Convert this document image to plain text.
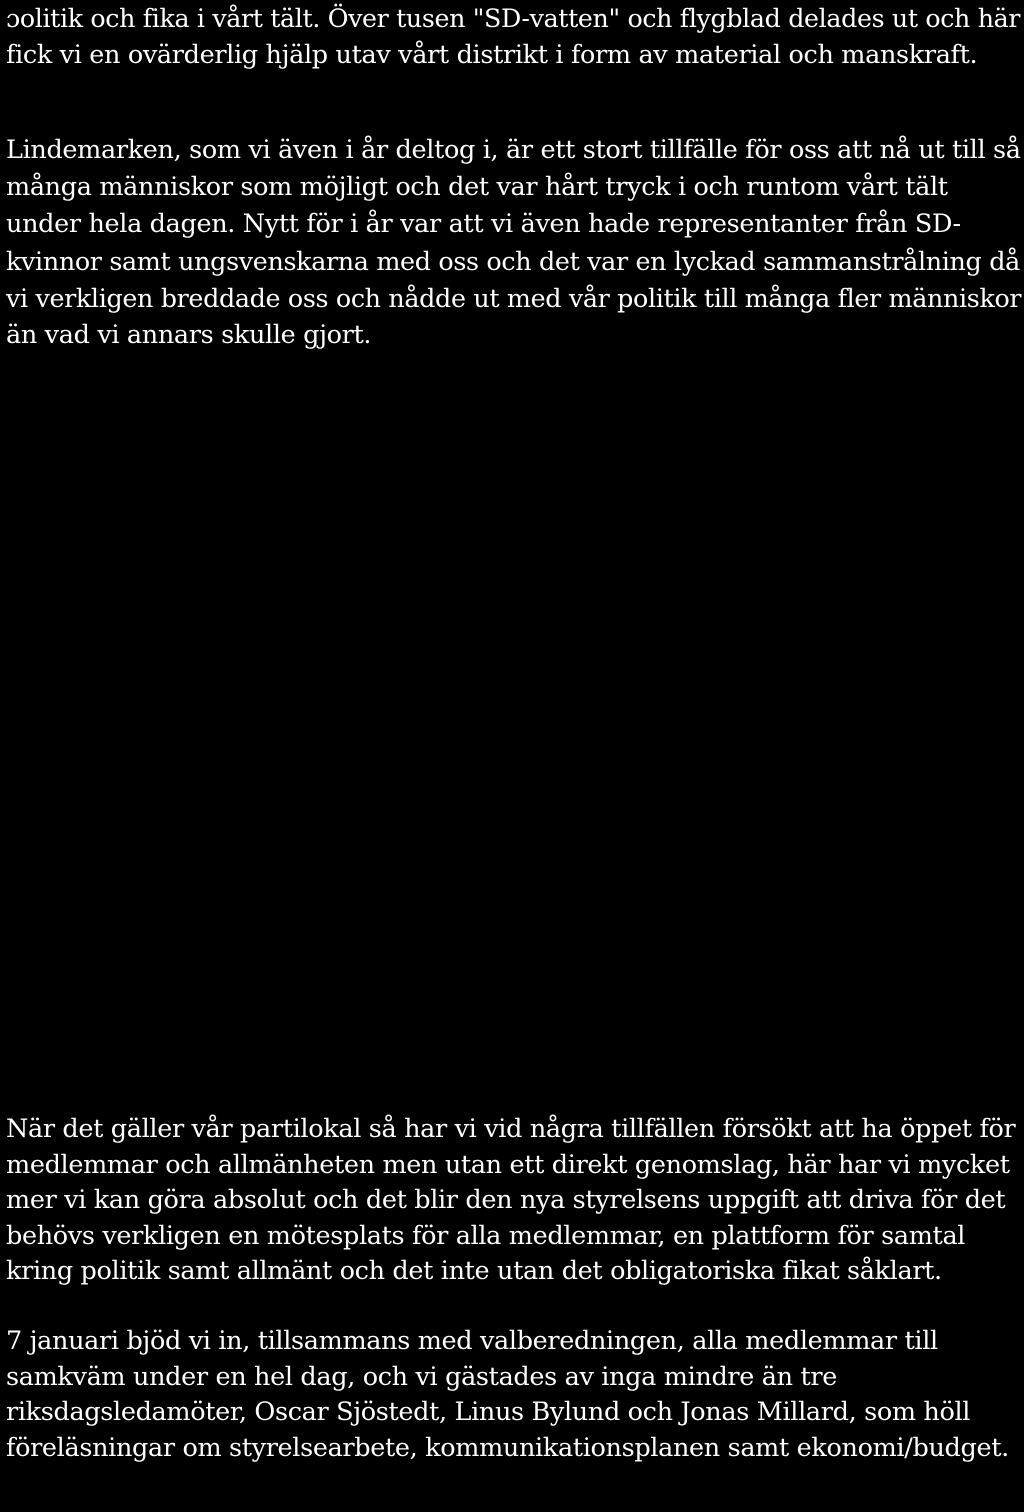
ɔolitik och fika i vårt tält. Över tusen "SD-vatten" och flygblad delades ut och här
fick vi en ovärderlig hjälp utav vårt distrikt i form av material och manskraft.

Lindemarken, som vi även i år deltog i, är ett stort tillfälle för oss att nå ut till så
många människor som möjligt och det var hårt tryck i och runtom vårt tält
under hela dagen. Nytt för i år var att vi även hade representanter från SD-
kvinnor samt ungsvenskarna med oss och det var en lyckad sammanstrålning då
vi verkligen breddade oss och nådde ut med vår politik till många fler människor
än vad vi annars skulle gjort.

När det gäller vår partilokal så har vi vid några tillfällen försökt att ha öppet för
medlemmar och allmänheten men utan ett direkt genomslag, här har vi mycket
mer vi kan göra absolut och det blir den nya styrelsens uppgift att driva för det
behövs verkligen en mötesplats för alla medlemmar, en plattform för samtal
kring politik samt allmänt och det inte utan det obligatoriska fikat såklart.

7 januari bjöd vi in, tillsammans med valberedningen, alla medlemmar till
samkväm under en hel dag, och vi gästades av inga mindre än tre
riksdagsledamöter, Oscar Sjöstedt, Linus Bylund och Jonas Millard, som höll
föreläsningar om styrelsearbete, kommunikationsplanen samt ekonomi/budget.
